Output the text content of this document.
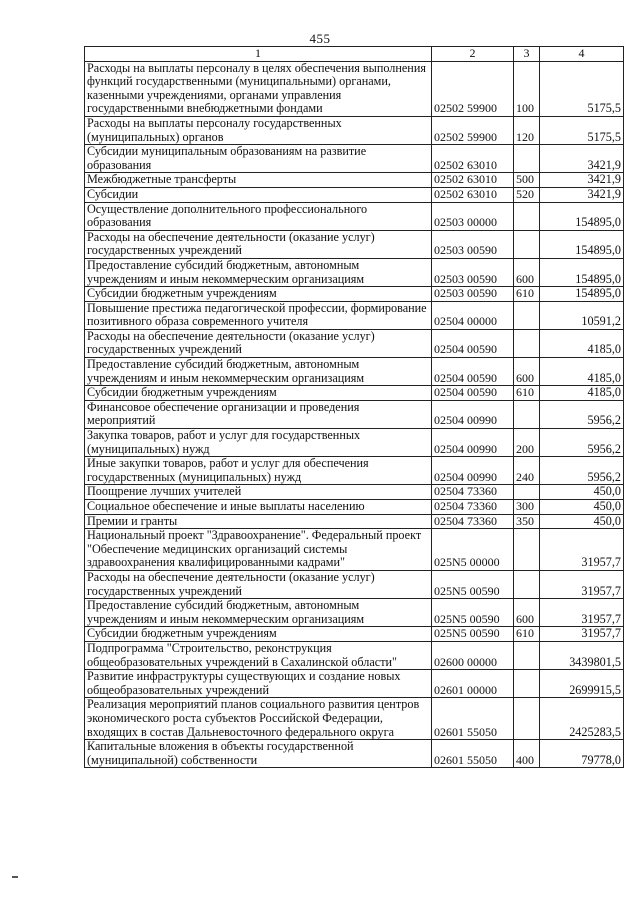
455
1	2	3	4
Расходы на выплаты персоналу в целях обеспечения выполнения функций государственными (муниципальными) органами, казенными учреждениями, органами управления государственными внебюджетными фондами	02502 59900	100	5175,5
Расходы на выплаты персоналу государственных (муниципальных) органов	02502 59900	120	5175,5
Субсидии муниципальным образованиям на развитие образования	02502 63010		3421,9
Межбюджетные трансферты	02502 63010	500	3421,9
Субсидии	02502 63010	520	3421,9
Осуществление дополнительного профессионального образования	02503 00000		154895,0
Расходы на обеспечение деятельности (оказание услуг) государственных учреждений	02503 00590		154895,0
Предоставление субсидий бюджетным, автономным учреждениям и иным некоммерческим организациям	02503 00590	600	154895,0
Субсидии бюджетным учреждениям	02503 00590	610	154895,0
Повышение престижа педагогической профессии, формирование позитивного образа современного учителя	02504 00000		10591,2
Расходы на обеспечение деятельности (оказание услуг) государственных учреждений	02504 00590		4185,0
Предоставление субсидий бюджетным, автономным учреждениям и иным некоммерческим организациям	02504 00590	600	4185,0
Субсидии бюджетным учреждениям	02504 00590	610	4185,0
Финансовое обеспечение организации и проведения мероприятий	02504 00990		5956,2
Закупка товаров, работ и услуг для государственных (муниципальных) нужд	02504 00990	200	5956,2
Иные закупки товаров, работ и услуг для обеспечения государственных (муниципальных) нужд	02504 00990	240	5956,2
Поощрение лучших учителей	02504 73360		450,0
Социальное обеспечение и иные выплаты населению	02504 73360	300	450,0
Премии и гранты	02504 73360	350	450,0
Национальный проект "Здравоохранение". Федеральный проект "Обеспечение медицинских организаций системы здравоохранения квалифицированными кадрами"	025N5 00000		31957,7
Расходы на обеспечение деятельности (оказание услуг) государственных учреждений	025N5 00590		31957,7
Предоставление субсидий бюджетным, автономным учреждениям и иным некоммерческим организациям	025N5 00590	600	31957,7
Субсидии бюджетным учреждениям	025N5 00590	610	31957,7
Подпрограмма "Строительство, реконструкция общеобразовательных учреждений в Сахалинской области"	02600 00000		3439801,5
Развитие инфраструктуры существующих и создание новых общеобразовательных учреждений	02601 00000		2699915,5
Реализация мероприятий планов социального развития центров экономического роста субъектов Российской Федерации, входящих в состав Дальневосточного федерального округа	02601 55050		2425283,5
Капитальные вложения в объекты государственной (муниципальной) собственности	02601 55050	400	79778,0
